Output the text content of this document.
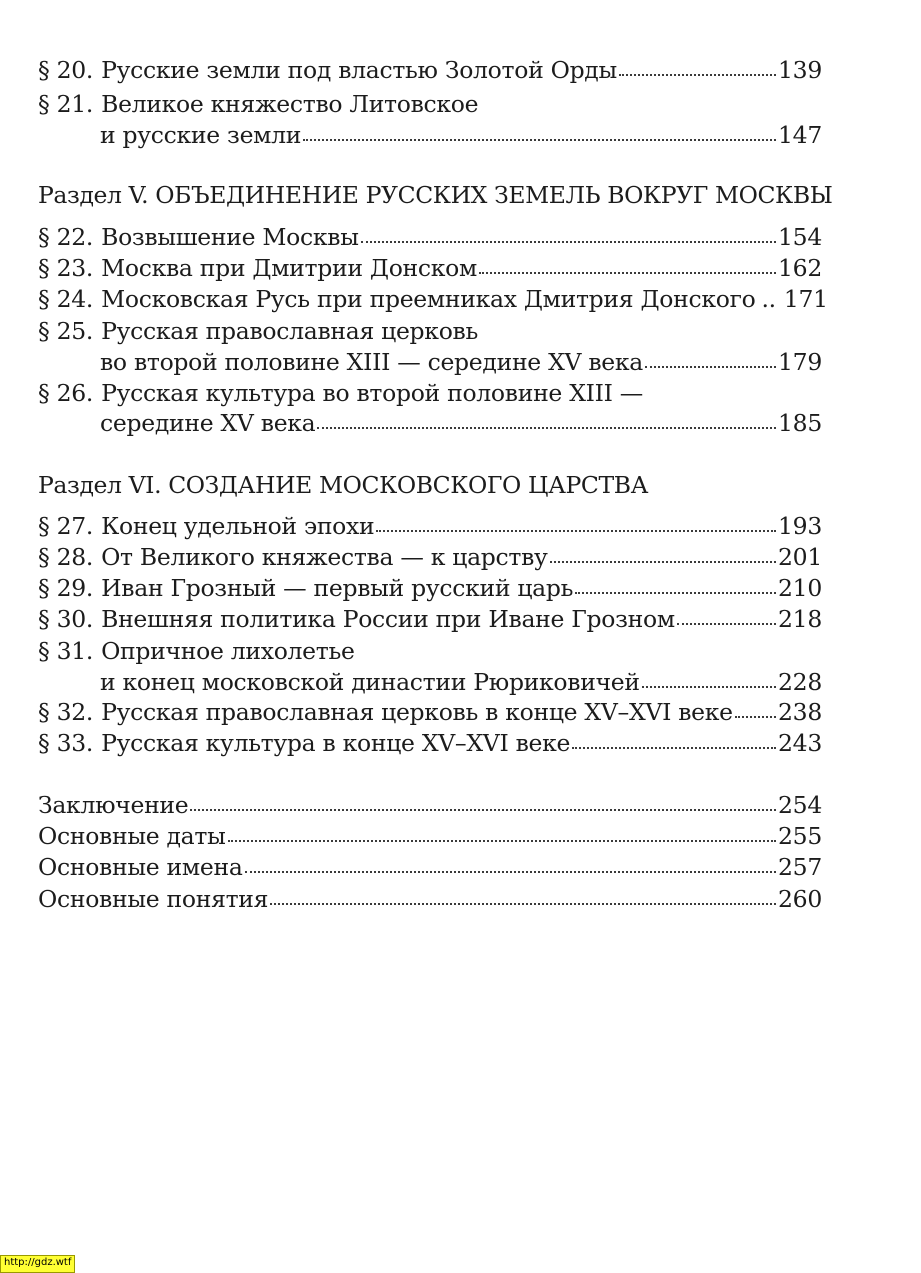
§ 20. Русские земли под властью Золотой Орды	139
§ 21. Великое княжество Литовское
и русские земли	147
Раздел V. ОБЪЕДИНЕНИЕ РУССКИХ ЗЕМЕЛЬ ВОКРУГ МОСКВЫ
§ 22. Возвышение Москвы	154
§ 23. Москва при Дмитрии Донском	162
§ 24. Московская Русь при преемниках Дмитрия Донского .. 171
§ 25. Русская православная церковь
во второй половине XIII — середине XV века	179
§ 26. Русская культура во второй половине XIII —
середине XV века	185
Раздел VI. СОЗДАНИЕ МОСКОВСКОГО ЦАРСТВА
§ 27. Конец удельной эпохи	193
§ 28. От Великого княжества — к царству	201
§ 29. Иван Грозный — первый русский царь	210
§ 30. Внешняя политика России при Иване Грозном	218
§ 31. Опричное лихолетье
и конец московской династии Рюриковичей	228
§ 32. Русская православная церковь в конце XV–XVI веке 238
§ 33. Русская культура в конце XV–XVI веке	243
Заключение	254
Основные даты	255
Основные имена	257
Основные понятия	260
http://gdz.wtf
